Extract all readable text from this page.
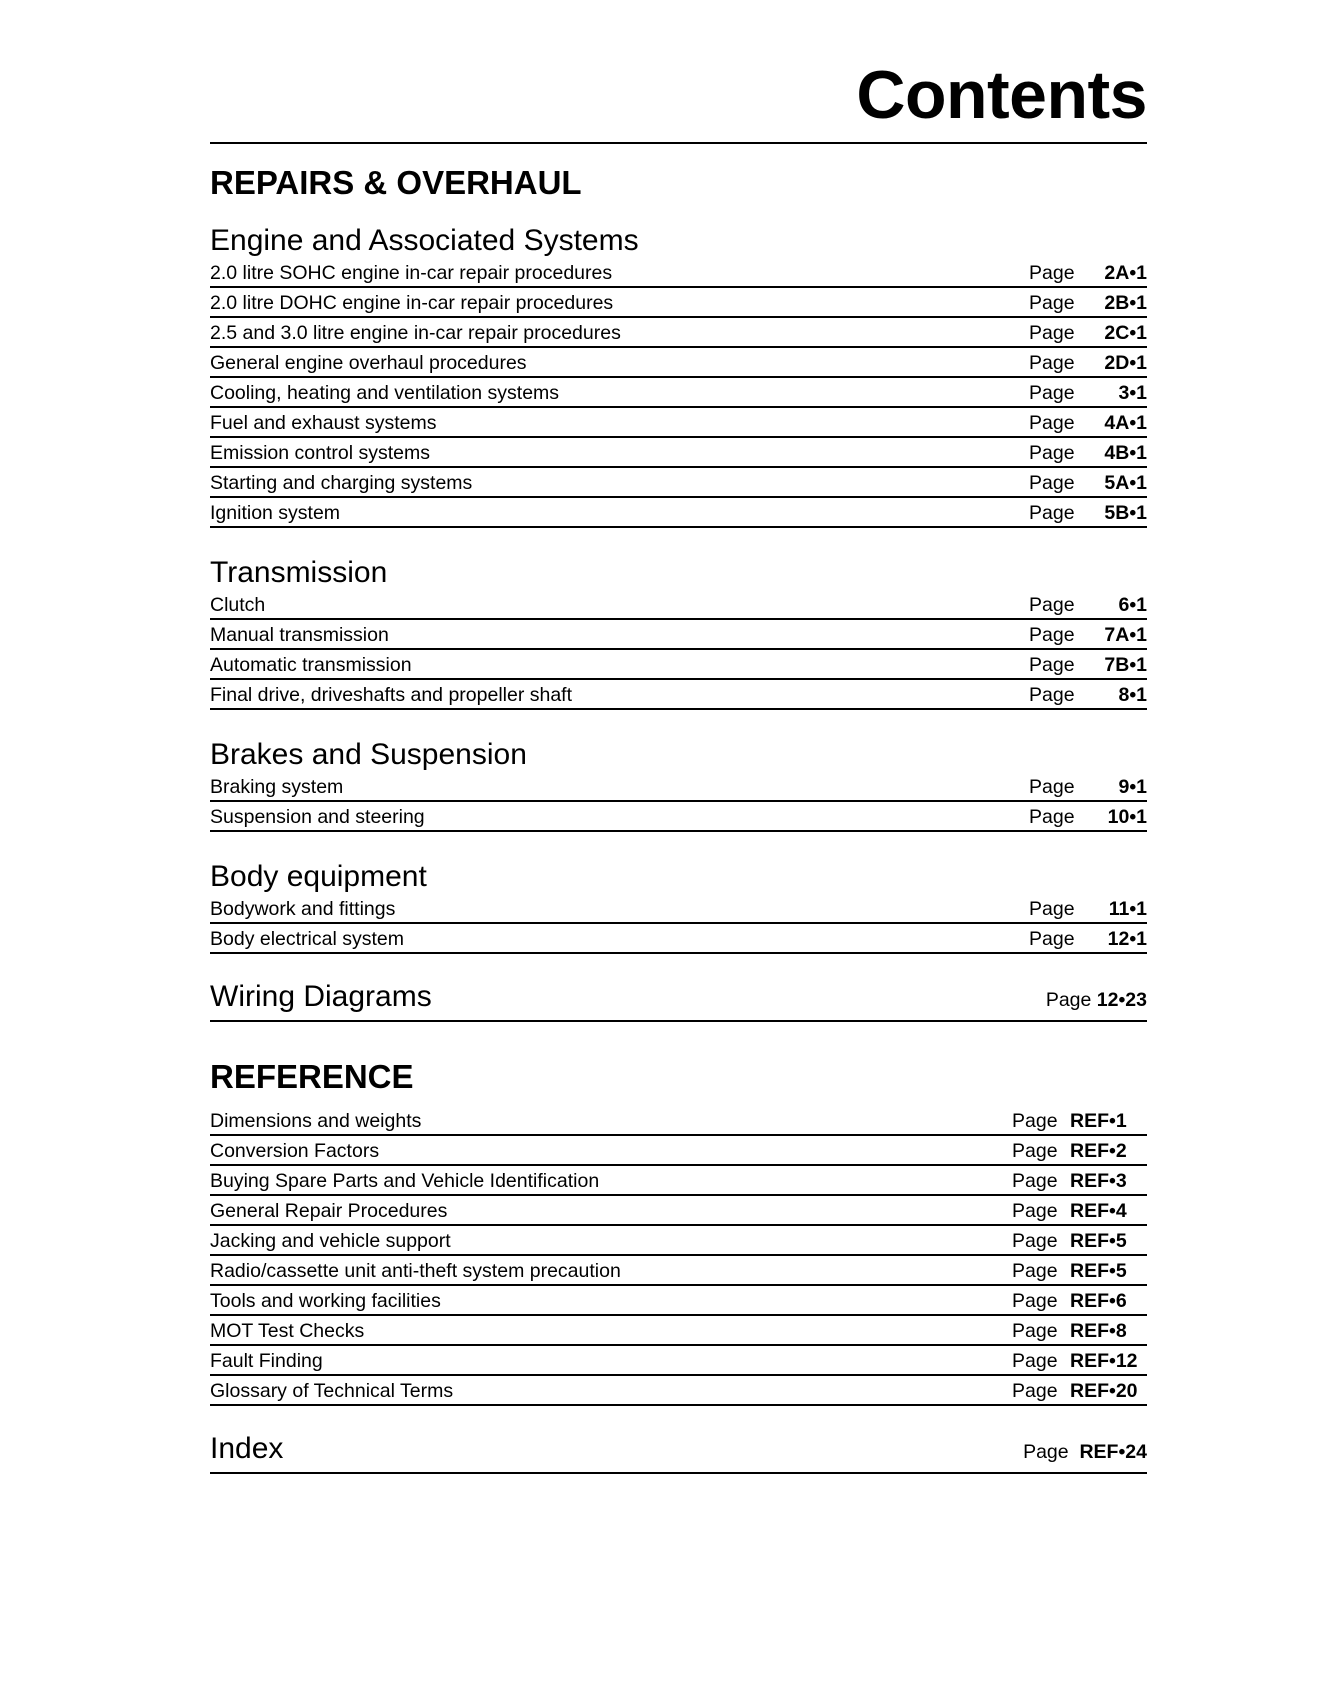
Contents
REPAIRS & OVERHAUL
Engine and Associated Systems
2.0 litre SOHC engine in-car repair procedures	Page	2A•1
2.0 litre DOHC engine in-car repair procedures	Page	2B•1
2.5 and 3.0 litre engine in-car repair procedures	Page	2C•1
General engine overhaul procedures	Page	2D•1
Cooling, heating and ventilation systems	Page	3•1
Fuel and exhaust systems	Page	4A•1
Emission control systems	Page	4B•1
Starting and charging systems	Page	5A•1
Ignition system	Page	5B•1
Transmission
Clutch	Page	6•1
Manual transmission	Page	7A•1
Automatic transmission	Page	7B•1
Final drive, driveshafts and propeller shaft	Page	8•1
Brakes and Suspension
Braking system	Page	9•1
Suspension and steering	Page	10•1
Body equipment
Bodywork and fittings	Page	11•1
Body electrical system	Page	12•1
Wiring Diagrams	Page 12•23
REFERENCE
Dimensions and weights	Page REF•1
Conversion Factors	Page REF•2
Buying Spare Parts and Vehicle Identification	Page REF•3
General Repair Procedures	Page REF•4
Jacking and vehicle support	Page REF•5
Radio/cassette unit anti-theft system precaution	Page REF•5
Tools and working facilities	Page REF•6
MOT Test Checks	Page REF•8
Fault Finding	Page REF•12
Glossary of Technical Terms	Page REF•20
Index	Page REF•24
